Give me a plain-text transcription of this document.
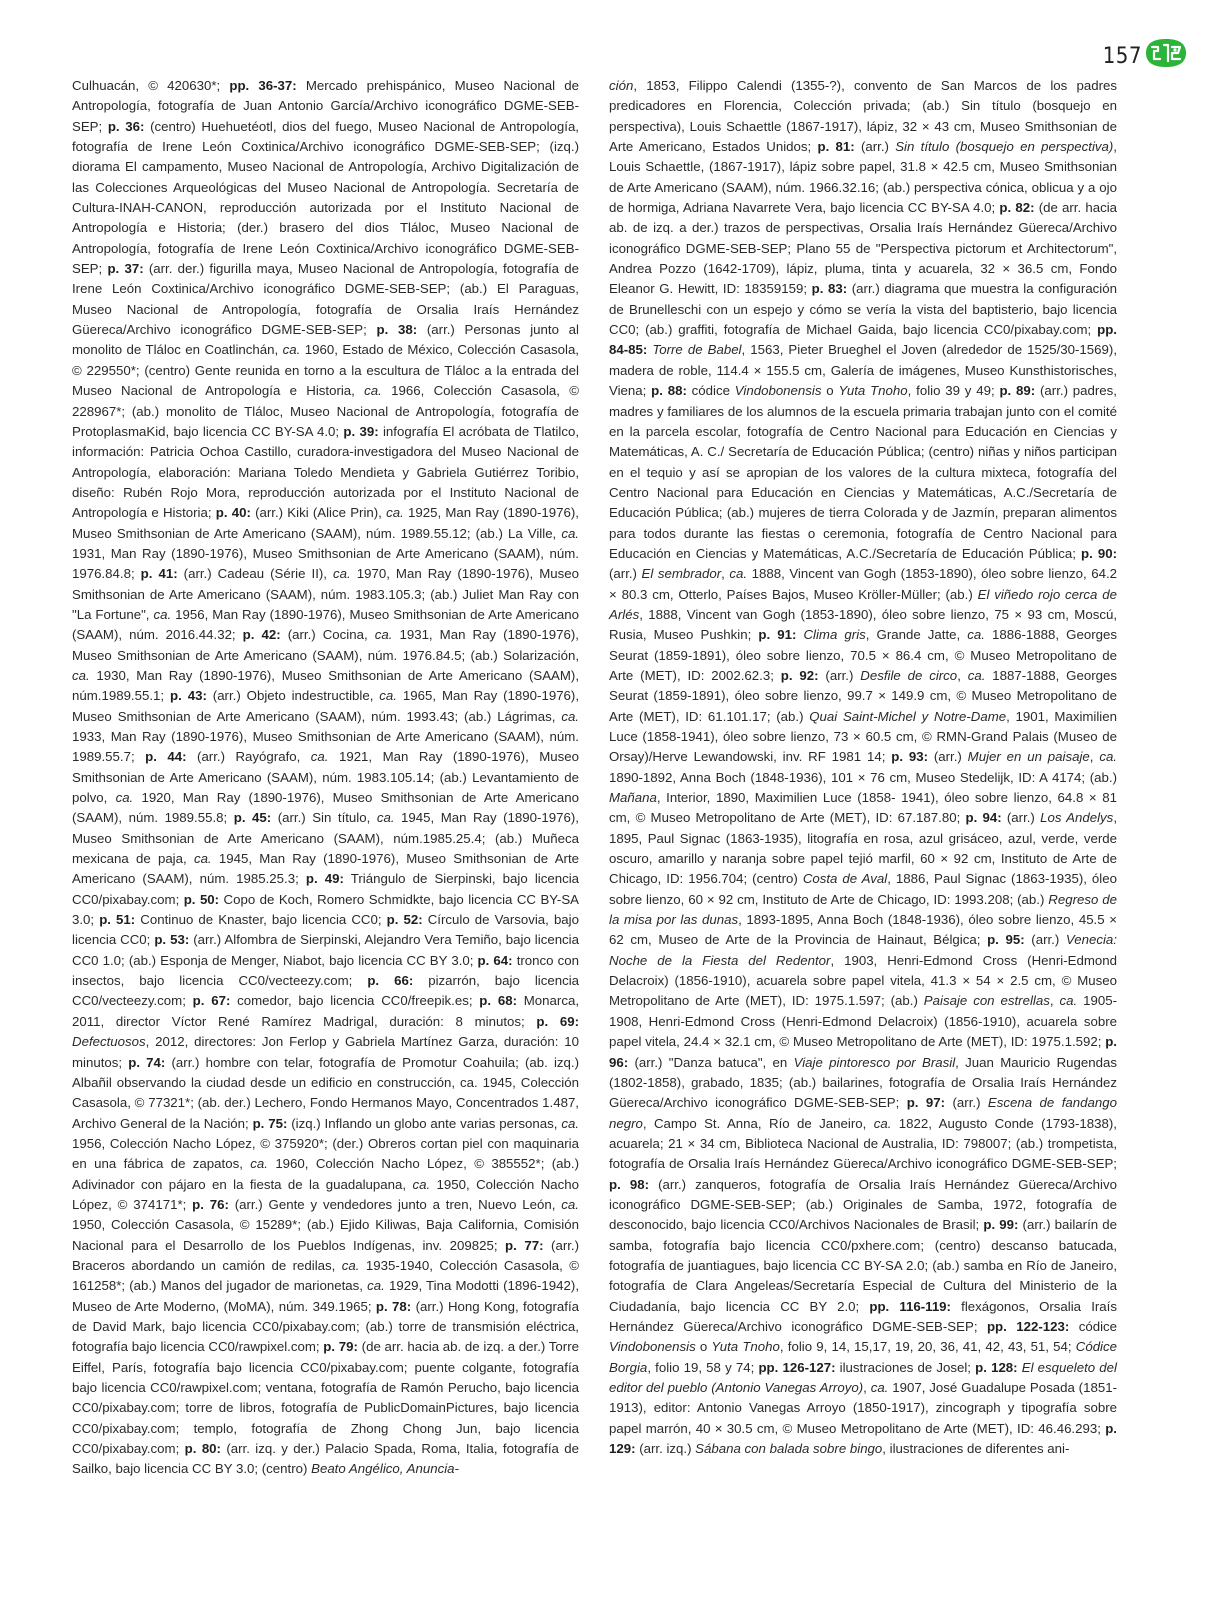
157
Culhuacán, © 420630*; pp. 36-37: Mercado prehispánico, Museo Nacional de Antropología, fotografía de Juan Antonio García/Archivo iconográfico DGME-SEB-SEP; p. 36: (centro) Huehuetéotl, dios del fuego, Museo Nacional de Antropología, fotografía de Irene León Coxtinica/Archivo iconográfico DGME-SEB-SEP; (izq.) diorama El campamento, Museo Nacional de Antropología, Archivo Digitalización de las Colecciones Arqueológicas del Museo Nacional de Antropología. Secretaría de Cultura-INAH-CANON, reproducción autorizada por el Instituto Nacional de Antropología e Historia; (der.) brasero del dios Tláloc, Museo Nacional de Antropología, fotografía de Irene León Coxtinica/Archivo iconográfico DGME-SEB-SEP; p. 37: (arr. der.) figurilla maya, Museo Nacional de Antropología, fotografía de Irene León Coxtinica/Archivo iconográfico DGME-SEB-SEP; (ab.) El Paraguas, Museo Nacional de Antropología, fotografía de Orsalia Iraís Hernández Güereca/Archivo iconográfico DGME-SEB-SEP; p. 38: (arr.) Personas junto al monolito de Tláloc en Coatlinchán, ca. 1960, Estado de México, Colección Casasola, © 229550*; (centro) Gente reunida en torno a la escultura de Tláloc a la entrada del Museo Nacional de Antropología e Historia, ca. 1966, Colección Casasola, © 228967*; (ab.) monolito de Tláloc, Museo Nacional de Antropología, fotografía de ProtoplasmaKid, bajo licencia CC BY-SA 4.0; p. 39: infografía El acróbata de Tlatilco, información: Patricia Ochoa Castillo, curadora-investigadora del Museo Nacional de Antropología, elaboración: Mariana Toledo Mendieta y Gabriela Gutiérrez Toribio, diseño: Rubén Rojo Mora, reproducción autorizada por el Instituto Nacional de Antropología e Historia; p. 40: (arr.) Kiki (Alice Prin), ca. 1925, Man Ray (1890-1976), Museo Smithsonian de Arte Americano (SAAM), núm. 1989.55.12; (ab.) La Ville, ca. 1931, Man Ray (1890-1976), Museo Smithsonian de Arte Americano (SAAM), núm. 1976.84.8; p. 41: (arr.) Cadeau (Série II), ca. 1970, Man Ray (1890-1976), Museo Smithsonian de Arte Americano (SAAM), núm. 1983.105.3; (ab.) Juliet Man Ray con "La Fortune", ca. 1956, Man Ray (1890-1976), Museo Smithsonian de Arte Americano (SAAM), núm. 2016.44.32; p. 42: (arr.) Cocina, ca. 1931, Man Ray (1890-1976), Museo Smithsonian de Arte Americano (SAAM), núm. 1976.84.5; (ab.) Solarización, ca. 1930, Man Ray (1890-1976), Museo Smithsonian de Arte Americano (SAAM), núm.1989.55.1; p. 43: (arr.) Objeto indestructible, ca. 1965, Man Ray (1890-1976), Museo Smithsonian de Arte Americano (SAAM), núm. 1993.43; (ab.) Lágrimas, ca. 1933, Man Ray (1890-1976), Museo Smithsonian de Arte Americano (SAAM), núm. 1989.55.7; p. 44: (arr.) Rayógrafo, ca. 1921, Man Ray (1890-1976), Museo Smithsonian de Arte Americano (SAAM), núm. 1983.105.14; (ab.) Levantamiento de polvo, ca. 1920, Man Ray (1890-1976), Museo Smithsonian de Arte Americano (SAAM), núm. 1989.55.8; p. 45: (arr.) Sin título, ca. 1945, Man Ray (1890-1976), Museo Smithsonian de Arte Americano (SAAM), núm.1985.25.4; (ab.) Muñeca mexicana de paja, ca. 1945, Man Ray (1890-1976), Museo Smithsonian de Arte Americano (SAAM), núm. 1985.25.3; p. 49: Triángulo de Sierpinski, bajo licencia CC0/pixabay.com; p. 50: Copo de Koch, Romero Schmidkte, bajo licencia CC BY-SA 3.0; p. 51: Continuo de Knaster, bajo licencia CC0; p. 52: Círculo de Varsovia, bajo licencia CC0; p. 53: (arr.) Alfombra de Sierpinski, Alejandro Vera Temiño, bajo licencia CC0 1.0; (ab.) Esponja de Menger, Niabot, bajo licencia CC BY 3.0; p. 64: tronco con insectos, bajo licencia CC0/vecteezy.com; p. 66: pizarrón, bajo licencia CC0/vecteezy.com; p. 67: comedor, bajo licencia CC0/freepik.es; p. 68: Monarca, 2011, director Víctor René Ramírez Madrigal, duración: 8 minutos; p. 69: Defectuosos, 2012, directores: Jon Ferlop y Gabriela Martínez Garza, duración: 10 minutos; p. 74: (arr.) hombre con telar, fotografía de Promotur Coahuila; (ab. izq.) Albañil observando la ciudad desde un edificio en construcción, ca. 1945, Colección Casasola, © 77321*; (ab. der.) Lechero, Fondo Hermanos Mayo, Concentrados 1.487, Archivo General de la Nación; p. 75: (izq.) Inflando un globo ante varias personas, ca. 1956, Colección Nacho López, © 375920*; (der.) Obreros cortan piel con maquinaria en una fábrica de zapatos, ca. 1960, Colección Nacho López, © 385552*; (ab.) Adivinador con pájaro en la fiesta de la guadalupana, ca. 1950, Colección Nacho López, © 374171*; p. 76: (arr.) Gente y vendedores junto a tren, Nuevo León, ca. 1950, Colección Casasola, © 15289*; (ab.) Ejido Kiliwas, Baja California, Comisión Nacional para el Desarrollo de los Pueblos Indígenas, inv. 209825; p. 77: (arr.) Braceros abordando un camión de redilas, ca. 1935-1940, Colección Casasola, © 161258*; (ab.) Manos del jugador de marionetas, ca. 1929, Tina Modotti (1896-1942), Museo de Arte Moderno, (MoMA), núm. 349.1965; p. 78: (arr.) Hong Kong, fotografía de David Mark, bajo licencia CC0/pixabay.com; (ab.) torre de transmisión eléctrica, fotografía bajo licencia CC0/rawpixel.com; p. 79: (de arr. hacia ab. de izq. a der.) Torre Eiffel, París, fotografía bajo licencia CC0/pixabay.com; puente colgante, fotografía bajo licencia CC0/rawpixel.com; ventana, fotografía de Ramón Perucho, bajo licencia CC0/pixabay.com; torre de libros, fotografía de PublicDomainPictures, bajo licencia CC0/pixabay.com; templo, fotografía de Zhong Chong Jun, bajo licencia CC0/pixabay.com; p. 80: (arr. izq. y der.) Palacio Spada, Roma, Italia, fotografía de Sailko, bajo licencia CC BY 3.0; (centro) Beato Angélico, Anuncia-
ción, 1853, Filippo Calendi (1355-?), convento de San Marcos de los padres predicadores en Florencia, Colección privada; (ab.) Sin título (bosquejo en perspectiva), Louis Schaettle (1867-1917), lápiz, 32 × 43 cm, Museo Smithsonian de Arte Americano, Estados Unidos; p. 81: (arr.) Sin título (bosquejo en perspectiva), Louis Schaettle, (1867-1917), lápiz sobre papel, 31.8 × 42.5 cm, Museo Smithsonian de Arte Americano (SAAM), núm. 1966.32.16; (ab.) perspectiva cónica, oblicua y a ojo de hormiga, Adriana Navarrete Vera, bajo licencia CC BY-SA 4.0; p. 82: (de arr. hacia ab. de izq. a der.) trazos de perspectivas, Orsalia Iraís Hernández Güereca/Archivo iconográfico DGME-SEB-SEP; Plano 55 de "Perspectiva pictorum et Architectorum", Andrea Pozzo (1642-1709), lápiz, pluma, tinta y acuarela, 32 × 36.5 cm, Fondo Eleanor G. Hewitt, ID: 18359159; p. 83: (arr.) diagrama que muestra la configuración de Brunelleschi con un espejo y cómo se vería la vista del baptisterio, bajo licencia CC0; (ab.) graffiti, fotografía de Michael Gaida, bajo licencia CC0/pixabay.com; pp. 84-85: Torre de Babel, 1563, Pieter Brueghel el Joven (alrededor de 1525/30-1569), madera de roble, 114.4 × 155.5 cm, Galería de imágenes, Museo Kunsthistorisches, Viena; p. 88: códice Vindobonensis o Yuta Tnoho, folio 39 y 49; p. 89: (arr.) padres, madres y familiares de los alumnos de la escuela primaria trabajan junto con el comité en la parcela escolar, fotografía de Centro Nacional para Educación en Ciencias y Matemáticas, A. C./ Secretaría de Educación Pública; (centro) niñas y niños participan en el tequio y así se apropian de los valores de la cultura mixteca, fotografía del Centro Nacional para Educación en Ciencias y Matemáticas, A.C./Secretaría de Educación Pública; (ab.) mujeres de tierra Colorada y de Jazmín, preparan alimentos para todos durante las fiestas o ceremonia, fotografía de Centro Nacional para Educación en Ciencias y Matemáticas, A.C./Secretaría de Educación Pública; p. 90: (arr.) El sembrador, ca. 1888, Vincent van Gogh (1853-1890), óleo sobre lienzo, 64.2 × 80.3 cm, Otterlo, Países Bajos, Museo Kröller-Müller; (ab.) El viñedo rojo cerca de Arlés, 1888, Vincent van Gogh (1853-1890), óleo sobre lienzo, 75 × 93 cm, Moscú, Rusia, Museo Pushkin; p. 91: Clima gris, Grande Jatte, ca. 1886-1888, Georges Seurat (1859-1891), óleo sobre lienzo, 70.5 × 86.4 cm, © Museo Metropolitano de Arte (MET), ID: 2002.62.3; p. 92: (arr.) Desfile de circo, ca. 1887-1888, Georges Seurat (1859-1891), óleo sobre lienzo, 99.7 × 149.9 cm, © Museo Metropolitano de Arte (MET), ID: 61.101.17; (ab.) Quai Saint-Michel y Notre-Dame, 1901, Maximilien Luce (1858-1941), óleo sobre lienzo, 73 × 60.5 cm, © RMN-Grand Palais (Museo de Orsay)/Herve Lewandowski, inv. RF 1981 14; p. 93: (arr.) Mujer en un paisaje, ca. 1890-1892, Anna Boch (1848-1936), 101 × 76 cm, Museo Stedelijk, ID: A 4174; (ab.) Mañana, Interior, 1890, Maximilien Luce (1858- 1941), óleo sobre lienzo, 64.8 × 81 cm, © Museo Metropolitano de Arte (MET), ID: 67.187.80; p. 94: (arr.) Los Andelys, 1895, Paul Signac (1863-1935), litografía en rosa, azul grisáceo, azul, verde, verde oscuro, amarillo y naranja sobre papel tejió marfil, 60 × 92 cm, Instituto de Arte de Chicago, ID: 1956.704; (centro) Costa de Aval, 1886, Paul Signac (1863-1935), óleo sobre lienzo, 60 × 92 cm, Instituto de Arte de Chicago, ID: 1993.208; (ab.) Regreso de la misa por las dunas, 1893-1895, Anna Boch (1848-1936), óleo sobre lienzo, 45.5 × 62 cm, Museo de Arte de la Provincia de Hainaut, Bélgica; p. 95: (arr.) Venecia: Noche de la Fiesta del Redentor, 1903, Henri-Edmond Cross (Henri-Edmond Delacroix) (1856-1910), acuarela sobre papel vitela, 41.3 × 54 × 2.5 cm, © Museo Metropolitano de Arte (MET), ID: 1975.1.597; (ab.) Paisaje con estrellas, ca. 1905-1908, Henri-Edmond Cross (Henri-Edmond Delacroix) (1856-1910), acuarela sobre papel vitela, 24.4 × 32.1 cm, © Museo Metropolitano de Arte (MET), ID: 1975.1.592; p. 96: (arr.) "Danza batuca", en Viaje pintoresco por Brasil, Juan Mauricio Rugendas (1802-1858), grabado, 1835; (ab.) bailarines, fotografía de Orsalia Iraís Hernández Güereca/Archivo iconográfico DGME-SEB-SEP; p. 97: (arr.) Escena de fandango negro, Campo St. Anna, Río de Janeiro, ca. 1822, Augusto Conde (1793-1838), acuarela; 21 × 34 cm, Biblioteca Nacional de Australia, ID: 798007; (ab.) trompetista, fotografía de Orsalia Iraís Hernández Güereca/Archivo iconográfico DGME-SEB-SEP; p. 98: (arr.) zanqueros, fotografía de Orsalia Iraís Hernández Güereca/Archivo iconográfico DGME-SEB-SEP; (ab.) Originales de Samba, 1972, fotografía de desconocido, bajo licencia CC0/Archivos Nacionales de Brasil; p. 99: (arr.) bailarín de samba, fotografía bajo licencia CC0/pxhere.com; (centro) descanso batucada, fotografía de juantiagues, bajo licencia CC BY-SA 2.0; (ab.) samba en Río de Janeiro, fotografía de Clara Angeleas/Secretaría Especial de Cultura del Ministerio de la Ciudadanía, bajo licencia CC BY 2.0; pp. 116-119: flexágonos, Orsalia Iraís Hernández Güereca/Archivo iconográfico DGME-SEB-SEP; pp. 122-123: códice Vindobonensis o Yuta Tnoho, folio 9, 14, 15,17, 19, 20, 36, 41, 42, 43, 51, 54; Códice Borgia, folio 19, 58 y 74; pp. 126-127: ilustraciones de Josel; p. 128: El esqueleto del editor del pueblo (Antonio Vanegas Arroyo), ca. 1907, José Guadalupe Posada (1851-1913), editor: Antonio Vanegas Arroyo (1850-1917), zincograph y tipografía sobre papel marrón, 40 × 30.5 cm, © Museo Metropolitano de Arte (MET), ID: 46.46.293; p. 129: (arr. izq.) Sábana con balada sobre bingo, ilustraciones de diferentes ani-
